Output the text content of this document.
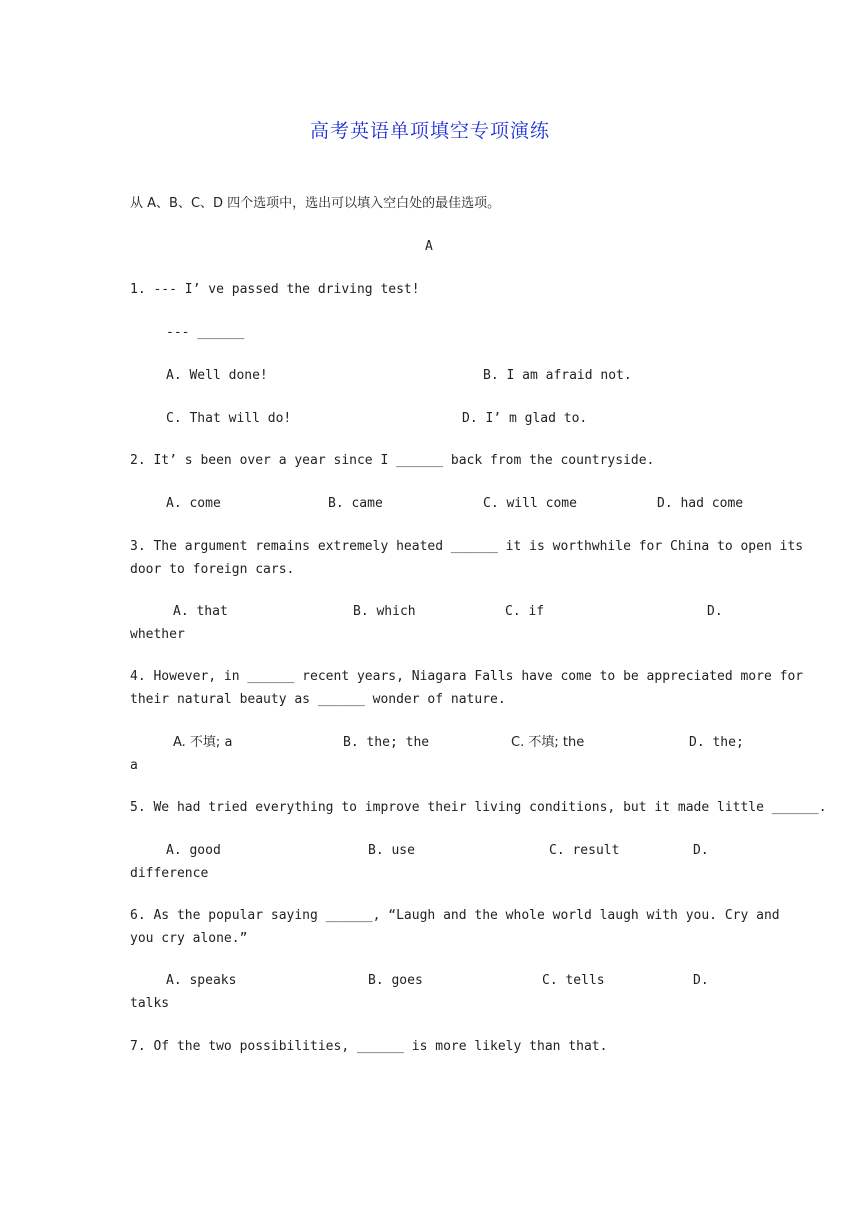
高考英语单项填空专项演练
从 A、B、C、D 四个选项中，选出可以填入空白处的最佳选项。
A
1. --- I’ ve passed the driving test!
--- ______
A. Well done!	B. I am afraid not.
C. That will do!	D. I’ m glad to.
2. It’ s been over a year since I ______ back from the countryside.
A. come	B. came	C. will come	D. had come
3. The argument remains extremely heated ______ it is worthwhile for China to open its
door to foreign cars.
A. that	B. which	C. if	D.
whether
4. However, in ______ recent years, Niagara Falls have come to be appreciated more for
their natural beauty as ______ wonder of nature.
A. 不填; a	B. the; the	C. 不填; the	D. the;
a
5. We had tried everything to improve their living conditions, but it made little ______.
A. good	B. use	C. result	D.
difference
6. As the popular saying ______, “Laugh and the whole world laugh with you. Cry and
you cry alone.”
A. speaks	B. goes	C. tells	D.
talks
7. Of the two possibilities, ______ is more likely than that.
